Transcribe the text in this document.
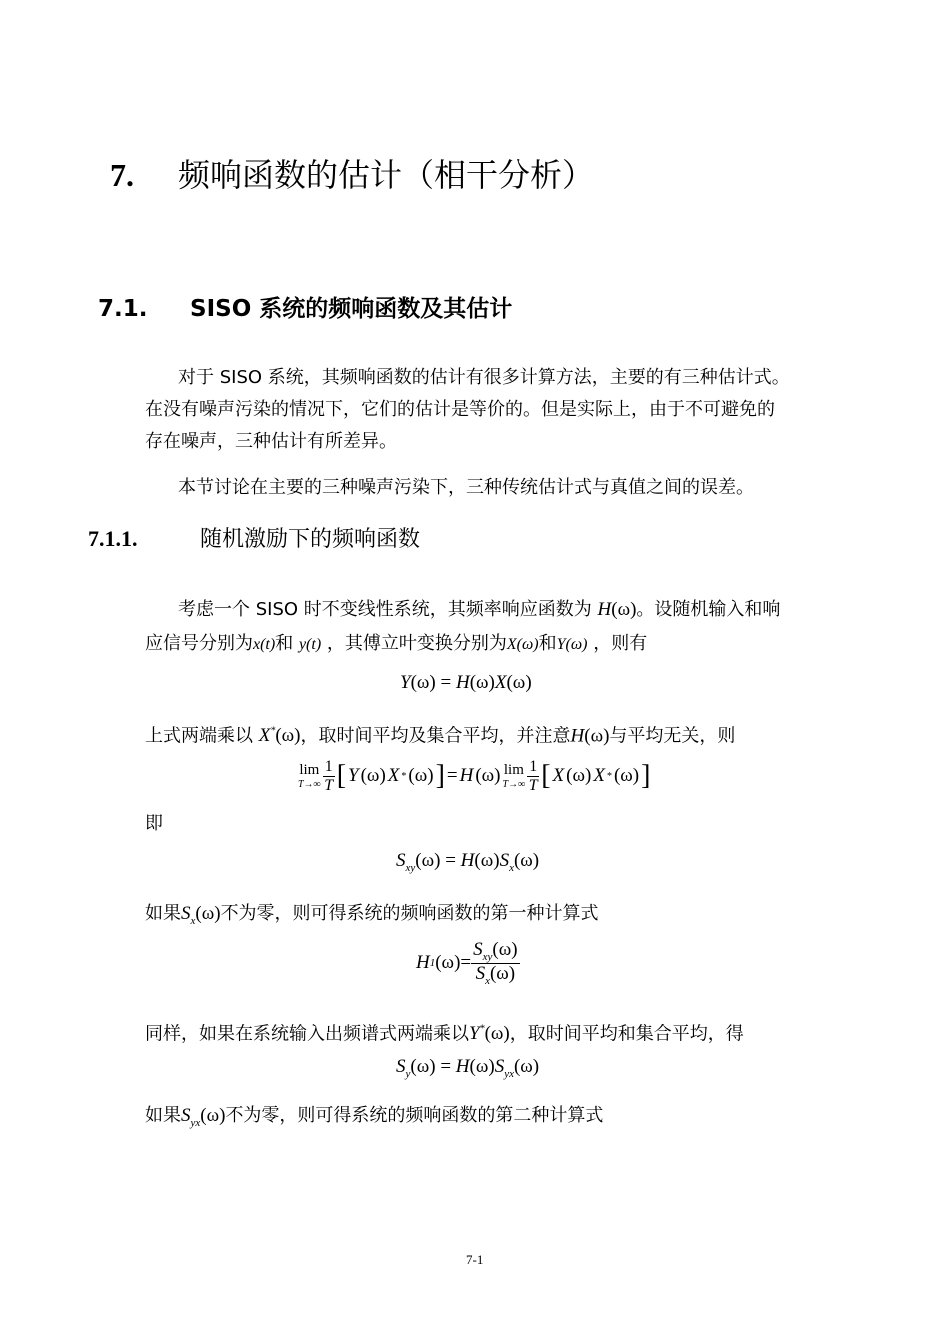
7. 频响函数的估计（相干分析）
7.1. SISO 系统的频响函数及其估计
对于 SISO 系统，其频响函数的估计有很多计算方法，主要的有三种估计式。
在没有噪声污染的情况下，它们的估计是等价的。但是实际上，由于不可避免的
存在噪声，三种估计有所差异。
本节讨论在主要的三种噪声污染下，三种传统估计式与真值之间的误差。
7.1.1.	随机激励下的频响函数
考虑一个 SISO 时不变线性系统，其频率响应函数为 H(ω)。设随机输入和响
应信号分别为x(t)和 y(t) ，其傅立叶变换分别为X(ω)和Y(ω) ，则有
Y(ω) = H(ω)X(ω)
上式两端乘以 X*(ω)，取时间平均及集合平均，并注意H(ω)与平均无关，则
lim
$T\to\infty \frac{1}{T}$ [ Y (ω) X * (ω) ] = H (ω) lim
$T\to\infty \frac{1}{T}$ [ X (ω) X * (ω) ]
即
$S_{xy}(\omega) = H(\omega)S_x(\omega)$
如果$S_x(\omega)$不为零，则可得系统的频响函数的第一种计算式
H 1 $(\omega) = \frac{S_{xy}(\omega)}{S_x(\omega)}$
同样，如果在系统输入出频谱式两端乘以Y*(ω)，取时间平均和集合平均，得
$S_y(\omega) = H(\omega)S_{yx}(\omega)$
如果$S_{yx}(\omega)$不为零，则可得系统的频响函数的第二种计算式
7-1
